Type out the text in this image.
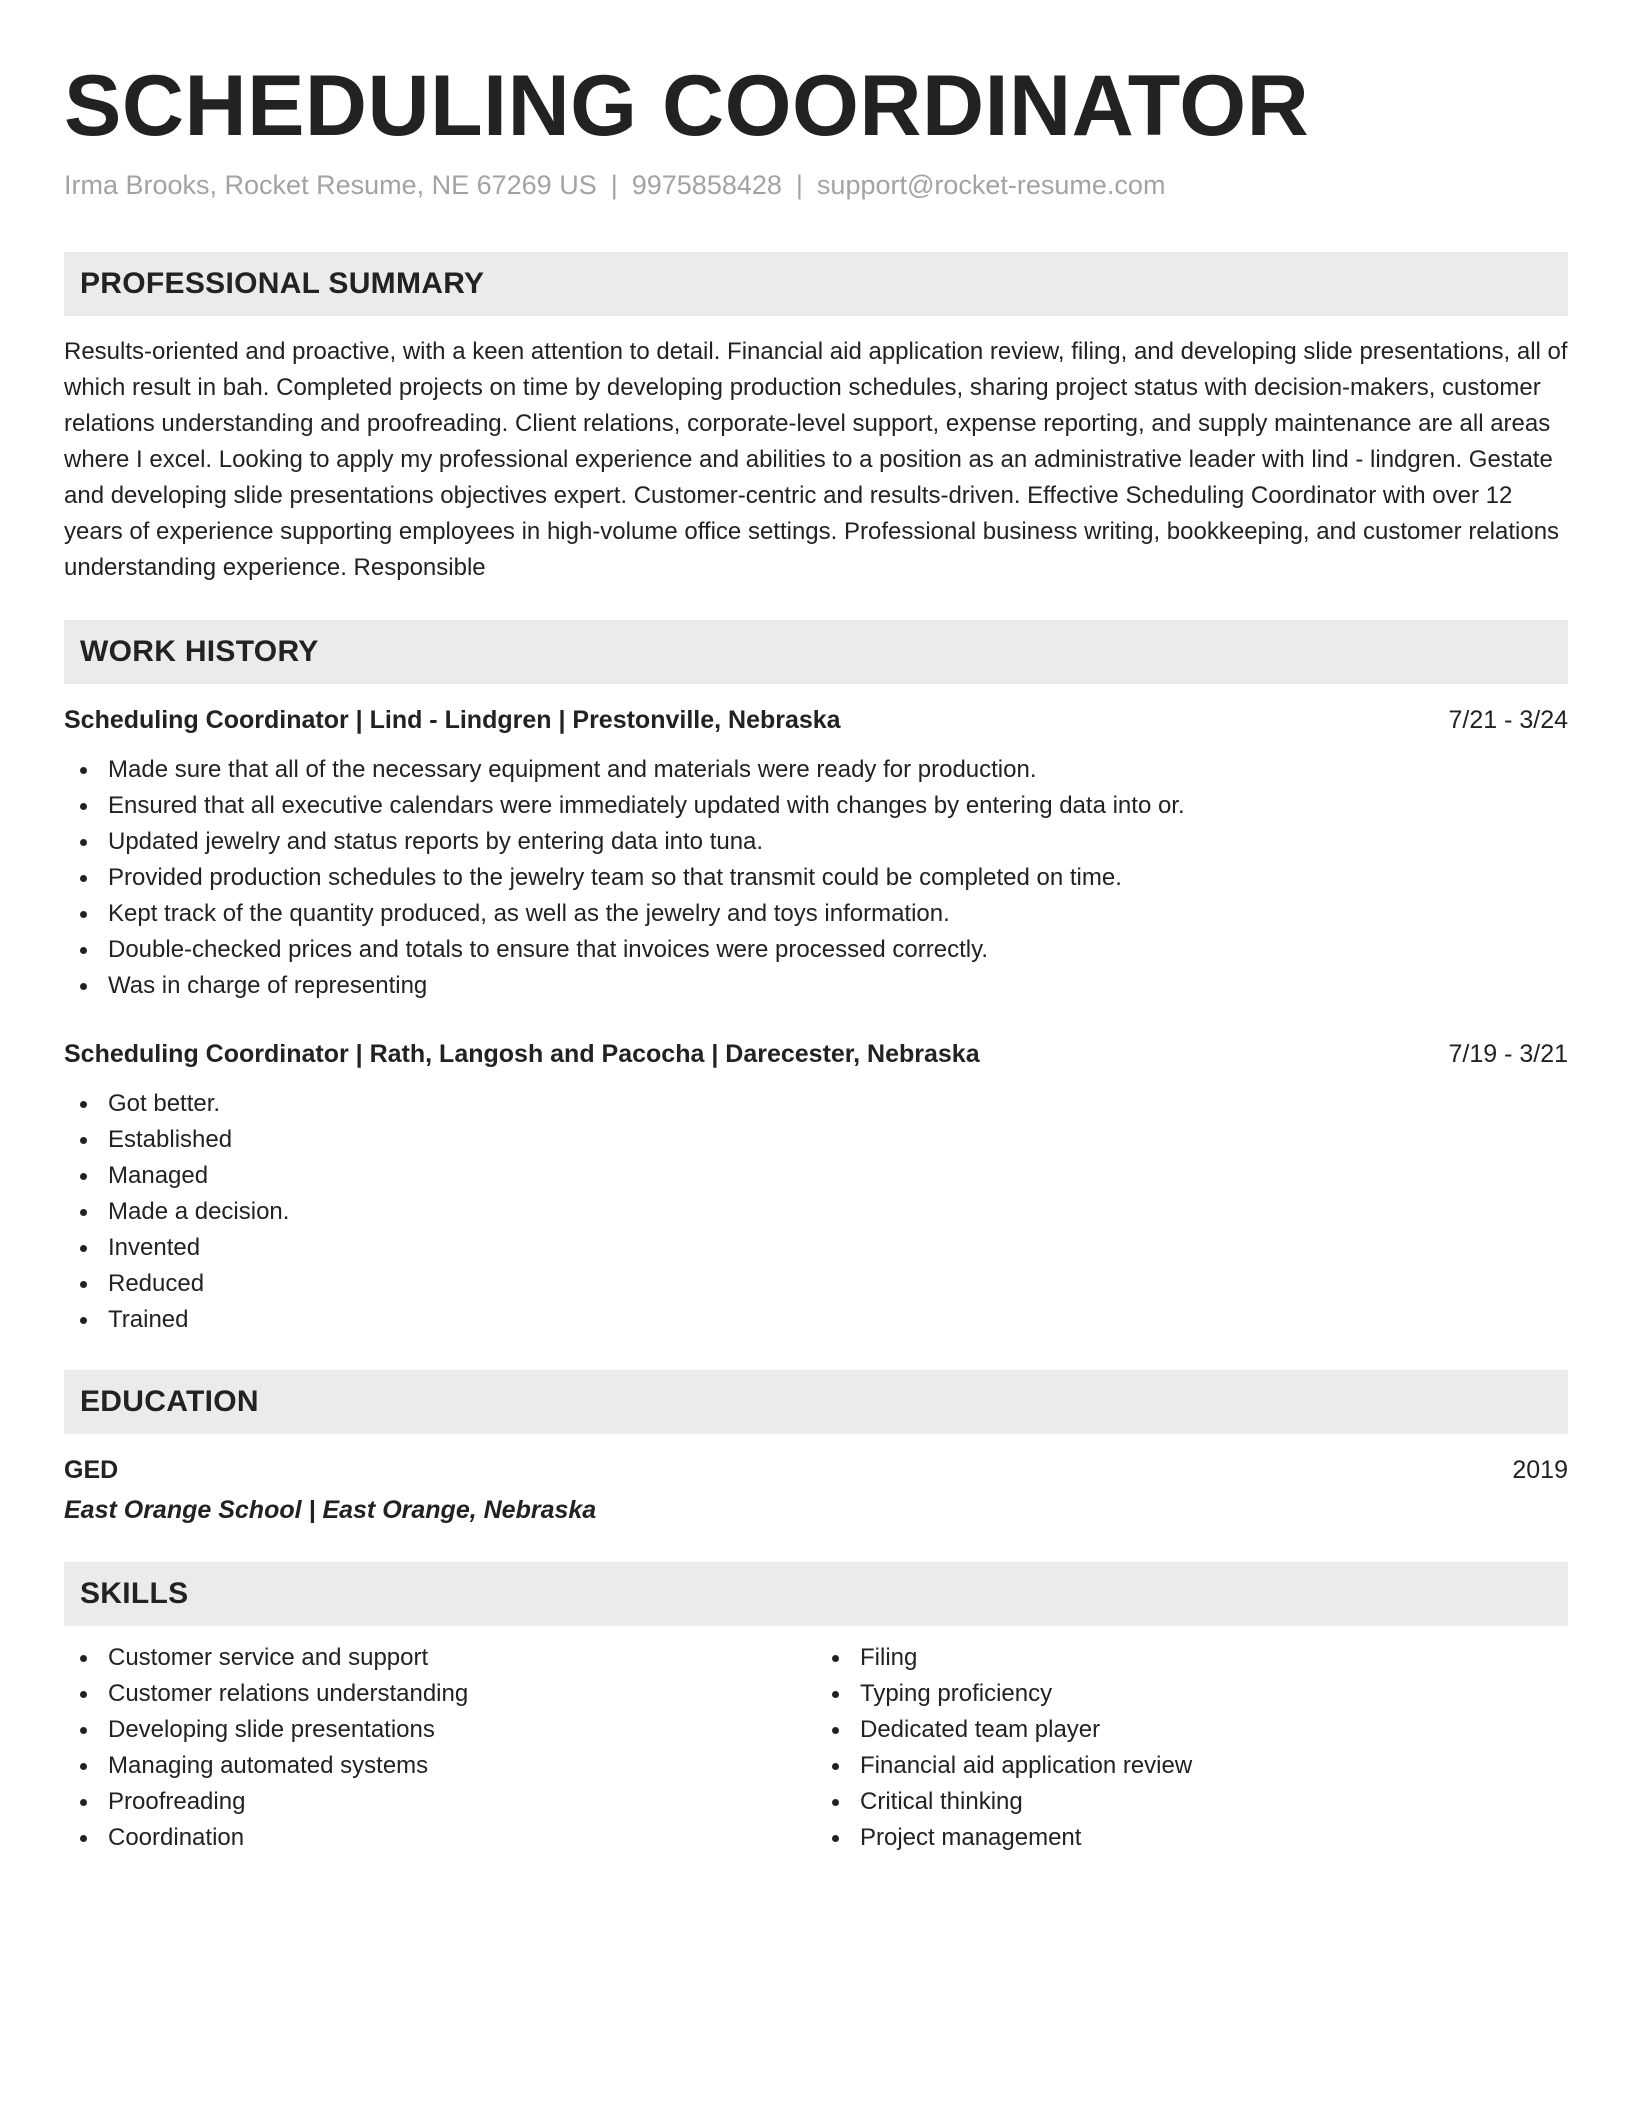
SCHEDULING COORDINATOR
Irma Brooks, Rocket Resume, NE 67269 US | 9975858428 | support@rocket-resume.com
PROFESSIONAL SUMMARY

Results-oriented and proactive, with a keen attention to detail. Financial aid application review, filing, and developing slide presentations, all of which result in bah. Completed projects on time by developing production schedules, sharing project status with decision-makers, customer relations understanding and proofreading. Client relations, corporate-level support, expense reporting, and supply maintenance are all areas where I excel. Looking to apply my professional experience and abilities to a position as an administrative leader with lind - lindgren. Gestate and developing slide presentations objectives expert. Customer-centric and results-driven. Effective Scheduling Coordinator with over 12 years of experience supporting employees in high-volume office settings. Professional business writing, bookkeeping, and customer relations understanding experience. Responsible

WORK HISTORY
Scheduling Coordinator | Lind - Lindgren | Prestonville, Nebraska	7/21 - 3/24
Made sure that all of the necessary equipment and materials were ready for production.
Ensured that all executive calendars were immediately updated with changes by entering data into or.
Updated jewelry and status reports by entering data into tuna.
Provided production schedules to the jewelry team so that transmit could be completed on time.
Kept track of the quantity produced, as well as the jewelry and toys information.
Double-checked prices and totals to ensure that invoices were processed correctly.
Was in charge of representing
Scheduling Coordinator | Rath, Langosh and Pacocha | Darecester, Nebraska	7/19 - 3/21
Got better.
Established
Managed
Made a decision.
Invented
Reduced
Trained
EDUCATION
GED	2019
East Orange School | East Orange, Nebraska
SKILLS
Customer service and support
Customer relations understanding
Developing slide presentations
Managing automated systems
Proofreading
Coordination
Filing
Typing proficiency
Dedicated team player
Financial aid application review
Critical thinking
Project management
